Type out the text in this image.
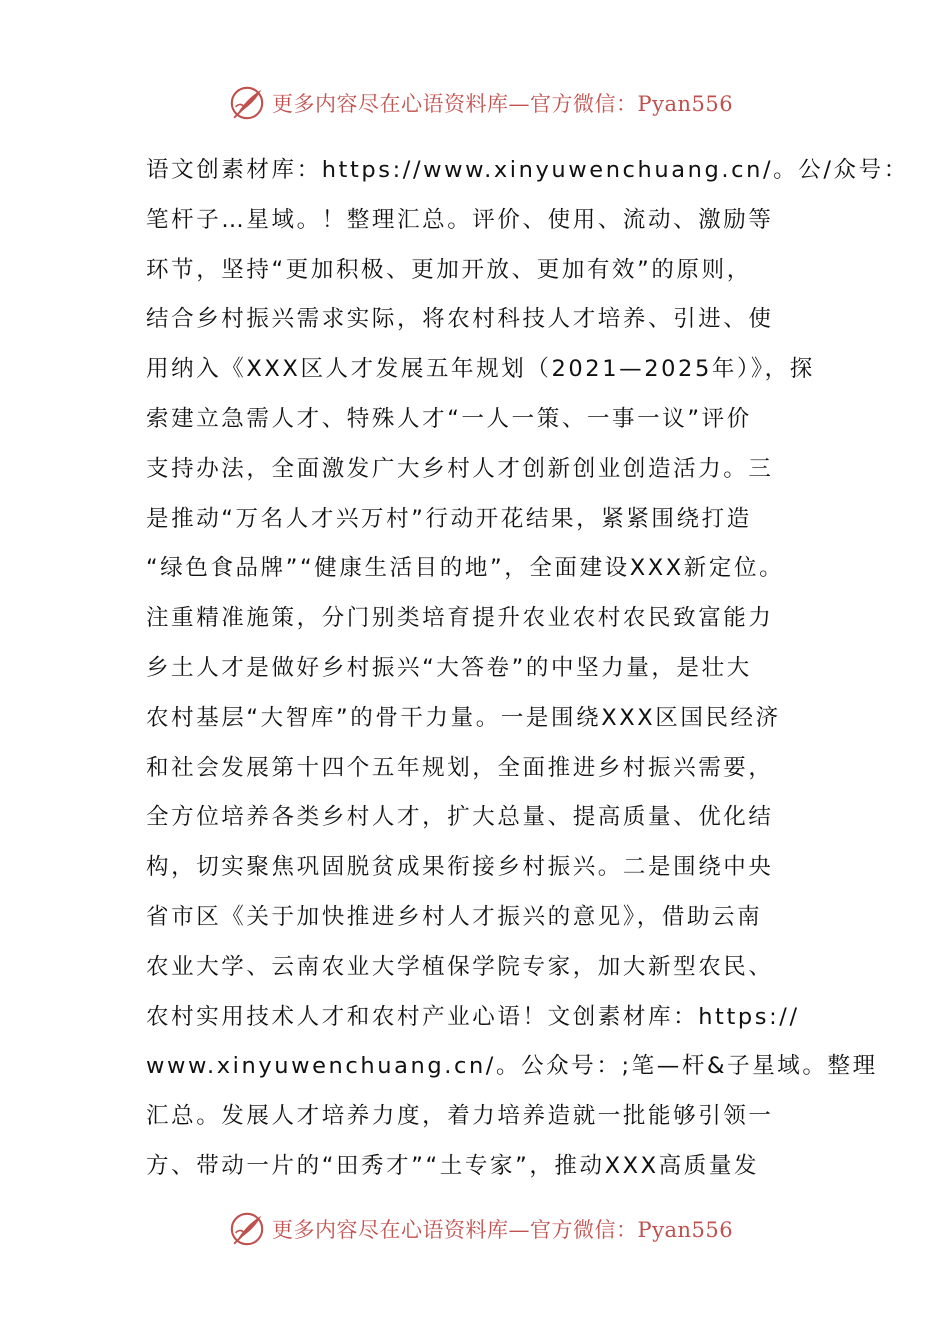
更多内容尽在心语资料库—官方微信：Pyan556
语文创素材库：https://www.xinyuwenchuang.cn/。公/众号：
笔杆子…星域。！整理汇总。评价、使用、流动、激励等
环节，坚持“更加积极、更加开放、更加有效”的原则，
结合乡村振兴需求实际，将农村科技人才培养、引进、使
用纳入《XXX区人才发展五年规划（2021—2025年）》，探
索建立急需人才、特殊人才“一人一策、一事一议”评价
支持办法，全面激发广大乡村人才创新创业创造活力。三
是推动“万名人才兴万村”行动开花结果，紧紧围绕打造
“绿色食品牌”“健康生活目的地”，全面建设XXX新定位。
注重精准施策，分门别类培育提升农业农村农民致富能力
乡土人才是做好乡村振兴“大答卷”的中坚力量，是壮大
农村基层“大智库”的骨干力量。一是围绕XXX区国民经济
和社会发展第十四个五年规划，全面推进乡村振兴需要，
全方位培养各类乡村人才，扩大总量、提高质量、优化结
构，切实聚焦巩固脱贫成果衔接乡村振兴。二是围绕中央
省市区《关于加快推进乡村人才振兴的意见》，借助云南
农业大学、云南农业大学植保学院专家，加大新型农民、
农村实用技术人才和农村产业心语！文创素材库：https://
www.xinyuwenchuang.cn/。公众号：;笔—杆&子星域。整理
汇总。发展人才培养力度，着力培养造就一批能够引领一
方、带动一片的“田秀才”“土专家”，推动XXX高质量发
更多内容尽在心语资料库—官方微信：Pyan556
